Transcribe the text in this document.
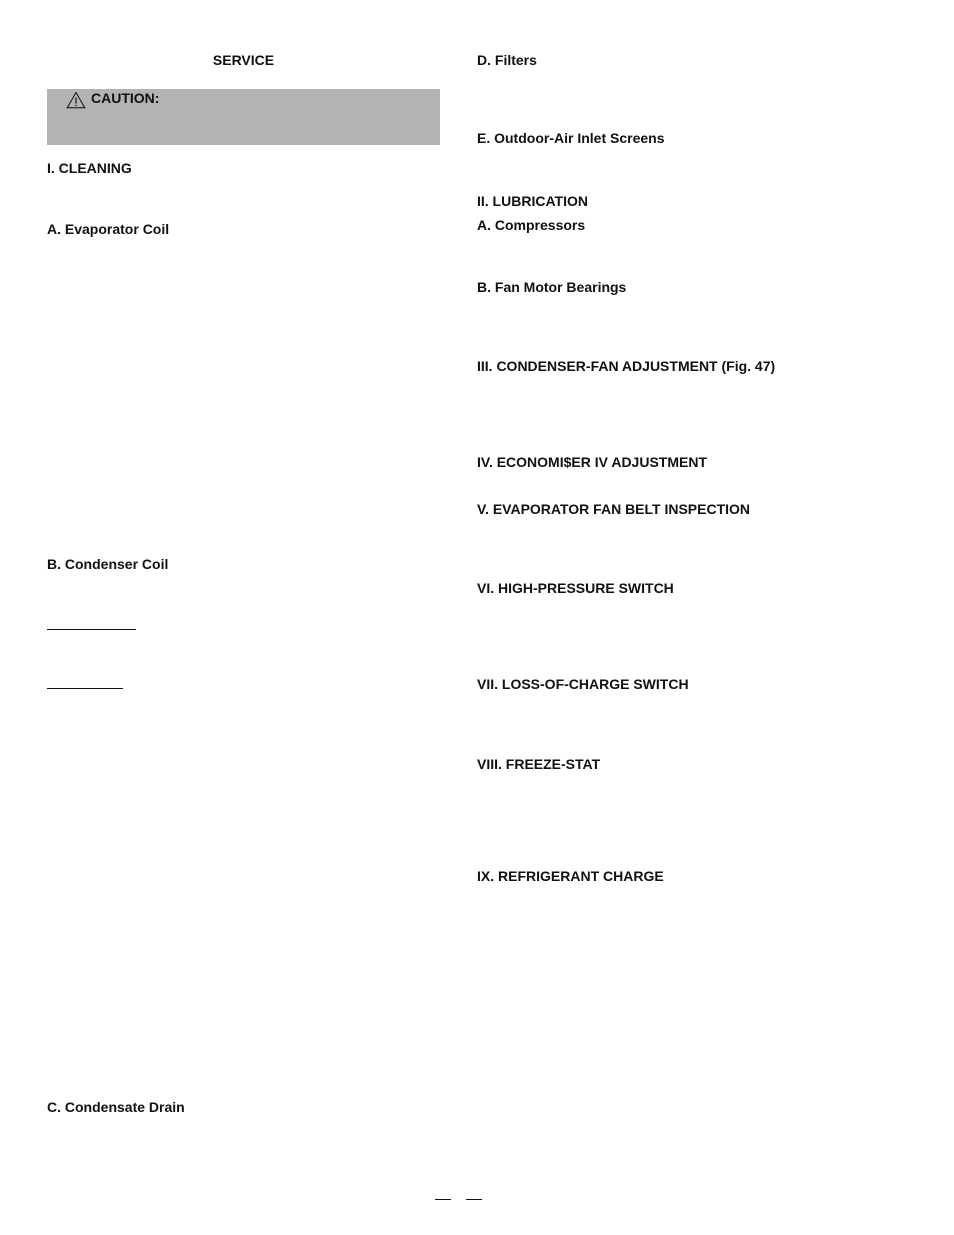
SERVICE
CAUTION:
I. CLEANING
A. Evaporator Coil
B. Condenser Coil
C. Condensate Drain
D. Filters
E. Outdoor-Air Inlet Screens
II. LUBRICATION
A. Compressors
B. Fan Motor Bearings
III. CONDENSER-FAN ADJUSTMENT (Fig. 47)
IV. ECONOMI$ER IV ADJUSTMENT
V. EVAPORATOR FAN BELT INSPECTION
VI. HIGH-PRESSURE SWITCH
VII. LOSS-OF-CHARGE SWITCH
VIII. FREEZE-STAT
IX. REFRIGERANT CHARGE
